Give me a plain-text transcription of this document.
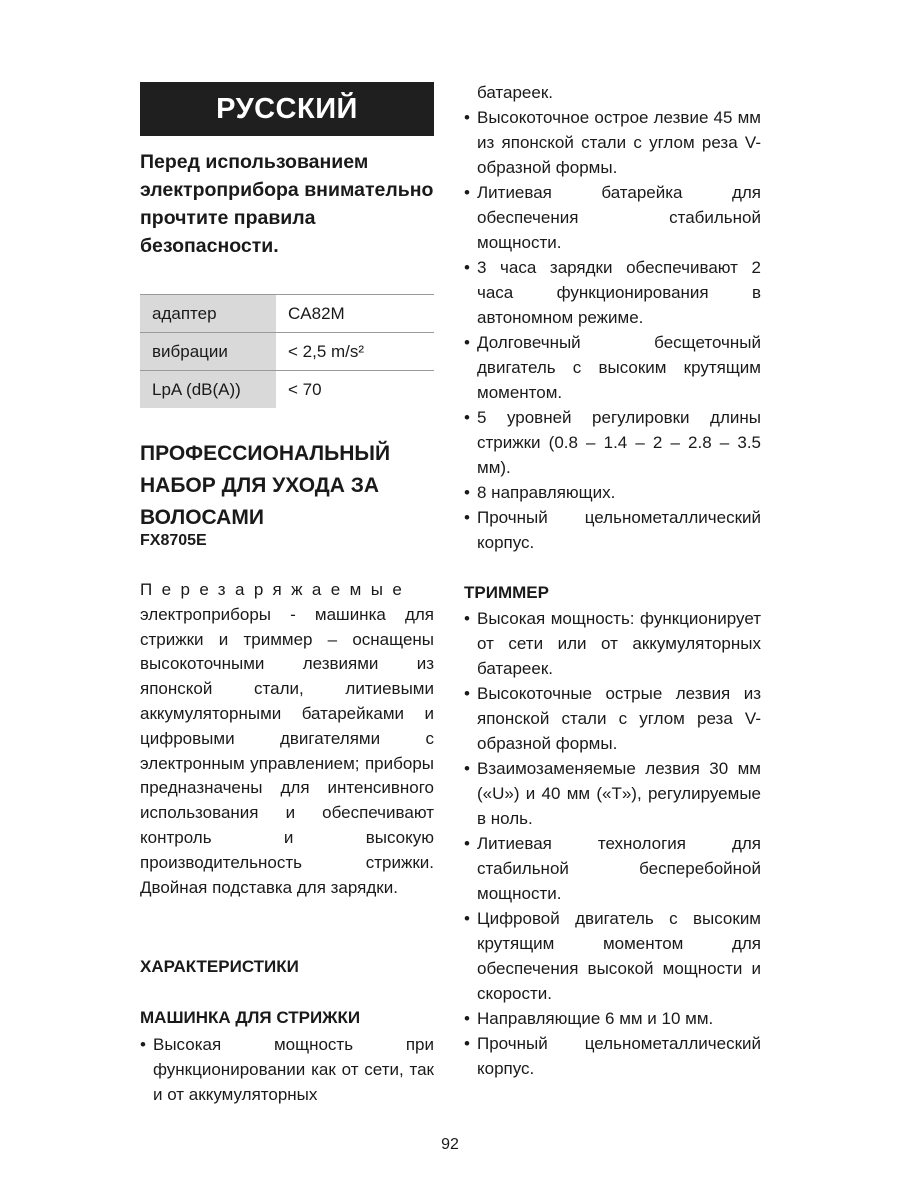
РУССКИЙ

Перед использованием электроприбора внимательно прочтите правила безопасности.

адаптер	CA82M
вибрации	< 2,5 m/s²
LpA (dB(A))	< 70
ПРОФЕССИОНАЛЬНЫЙ НАБОР ДЛЯ УХОДА ЗА ВОЛОСАМИ

FX8705E

Перезаряжаемые электроприборы - машинка для стрижки и триммер – оснащены высокоточными лезвиями из японской стали, литиевыми аккумуляторными батарейками и цифровыми двигателями с электронным управлением; приборы предназначены для интенсивного использования и обеспечивают контроль и высокую производительность стрижки. Двойная подставка для зарядки.

ХАРАКТЕРИСТИКИ
МАШИНКА ДЛЯ СТРИЖКИ
• Высокая мощность при функционировании как от сети, так и от аккумуляторных
батареек.
• Высокоточное острое лезвие 45 мм из японской стали с углом реза V-образной формы.
• Литиевая батарейка для обеспечения стабильной мощности.
• 3 часа зарядки обеспечивают 2 часа функционирования в автономном режиме.
• Долговечный бесщеточный двигатель с высоким крутящим моментом.
• 5 уровней регулировки длины стрижки (0.8 – 1.4 – 2 – 2.8 – 3.5 мм).
• 8 направляющих.
• Прочный цельнометаллический корпус.
ТРИММЕР
• Высокая мощность: функционирует от сети или от аккумуляторных батареек.
• Высокоточные острые лезвия из японской стали с углом реза V-образной формы.
• Взаимозаменяемые лезвия 30 мм («U») и 40 мм («T»), регулируемые в ноль.
• Литиевая технология для стабильной бесперебойной мощности.
• Цифровой двигатель с высоким крутящим моментом для обеспечения высокой мощности и скорости.
• Направляющие 6 мм и 10 мм.
• Прочный цельнометаллический корпус.
92
